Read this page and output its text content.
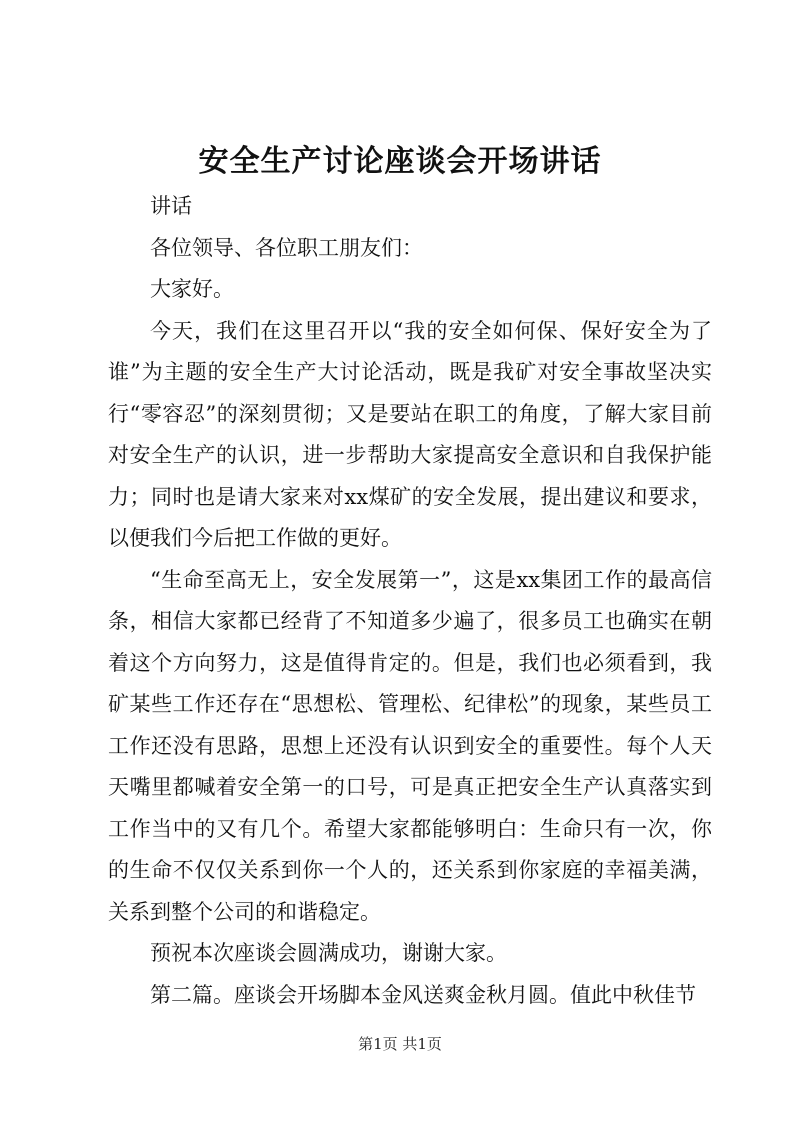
安全生产讨论座谈会开场讲话

讲话

各位领导、各位职工朋友们：

大家好。

今天，我们在这里召开以“我的安全如何保、保好安全为了谁”为主题的安全生产大讨论活动，既是我矿对安全事故坚决实行“零容忍”的深刻贯彻；又是要站在职工的角度，了解大家目前对安全生产的认识，进一步帮助大家提高安全意识和自我保护能力；同时也是请大家来对xx煤矿的安全发展，提出建议和要求，以便我们今后把工作做的更好。

“生命至高无上，安全发展第一”，这是xx集团工作的最高信条，相信大家都已经背了不知道多少遍了，很多员工也确实在朝着这个方向努力，这是值得肯定的。但是，我们也必须看到，我矿某些工作还存在“思想松、管理松、纪律松”的现象，某些员工工作还没有思路，思想上还没有认识到安全的重要性。每个人天天嘴里都喊着安全第一的口号，可是真正把安全生产认真落实到工作当中的又有几个。希望大家都能够明白：生命只有一次，你的生命不仅仅关系到你一个人的，还关系到你家庭的幸福美满，关系到整个公司的和谐稳定。

预祝本次座谈会圆满成功，谢谢大家。

第二篇。座谈会开场脚本金风送爽金秋月圆。值此中秋佳节

第1页 共1页
